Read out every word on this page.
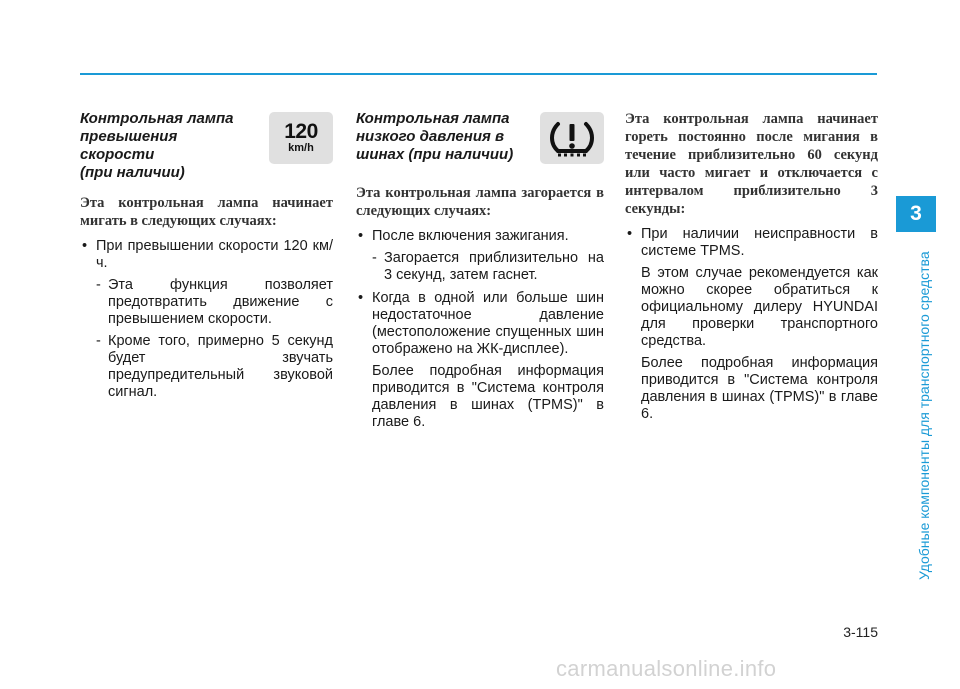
Контрольная лампа
превышения
скорости
(при наличии)
120
km/h

Эта контрольная лампа начинает мигать в следующих случаях:

• При превышении скорости 120 км/ч.
- Эта функция позволяет предотвратить движение с превышением скорости.
- Кроме того, примерно 5 секунд будет звучать предупредительный звуковой сигнал.
Контрольная лампа
низкого давления в
шинах (при наличии)

Эта контрольная лампа загорается в следующих случаях:

• После включения зажигания.
- Загорается приблизительно на 3 секунд, затем гаснет.
• Когда в одной или больше шин недостаточное давление (местоположение спущенных шин отображено на ЖК-дисплее).

Более подробная информация приводится в "Система контроля давления в шинах (TPMS)" в главе 6.

Эта контрольная лампа начинает гореть постоянно после мигания в течение приблизительно 60 секунд или часто мигает и отключается с интервалом приблизительно 3 секунды:

• При наличии неисправности в системе TPMS.

В этом случае рекомендуется как можно скорее обратиться к официальному дилеру HYUNDAI для проверки транспортного средства.

Более подробная информация приводится в "Система контроля давления в шинах (TPMS)" в главе 6.

3
Удобные компоненты для транспортного средства
3-115
carmanualsonline.info
